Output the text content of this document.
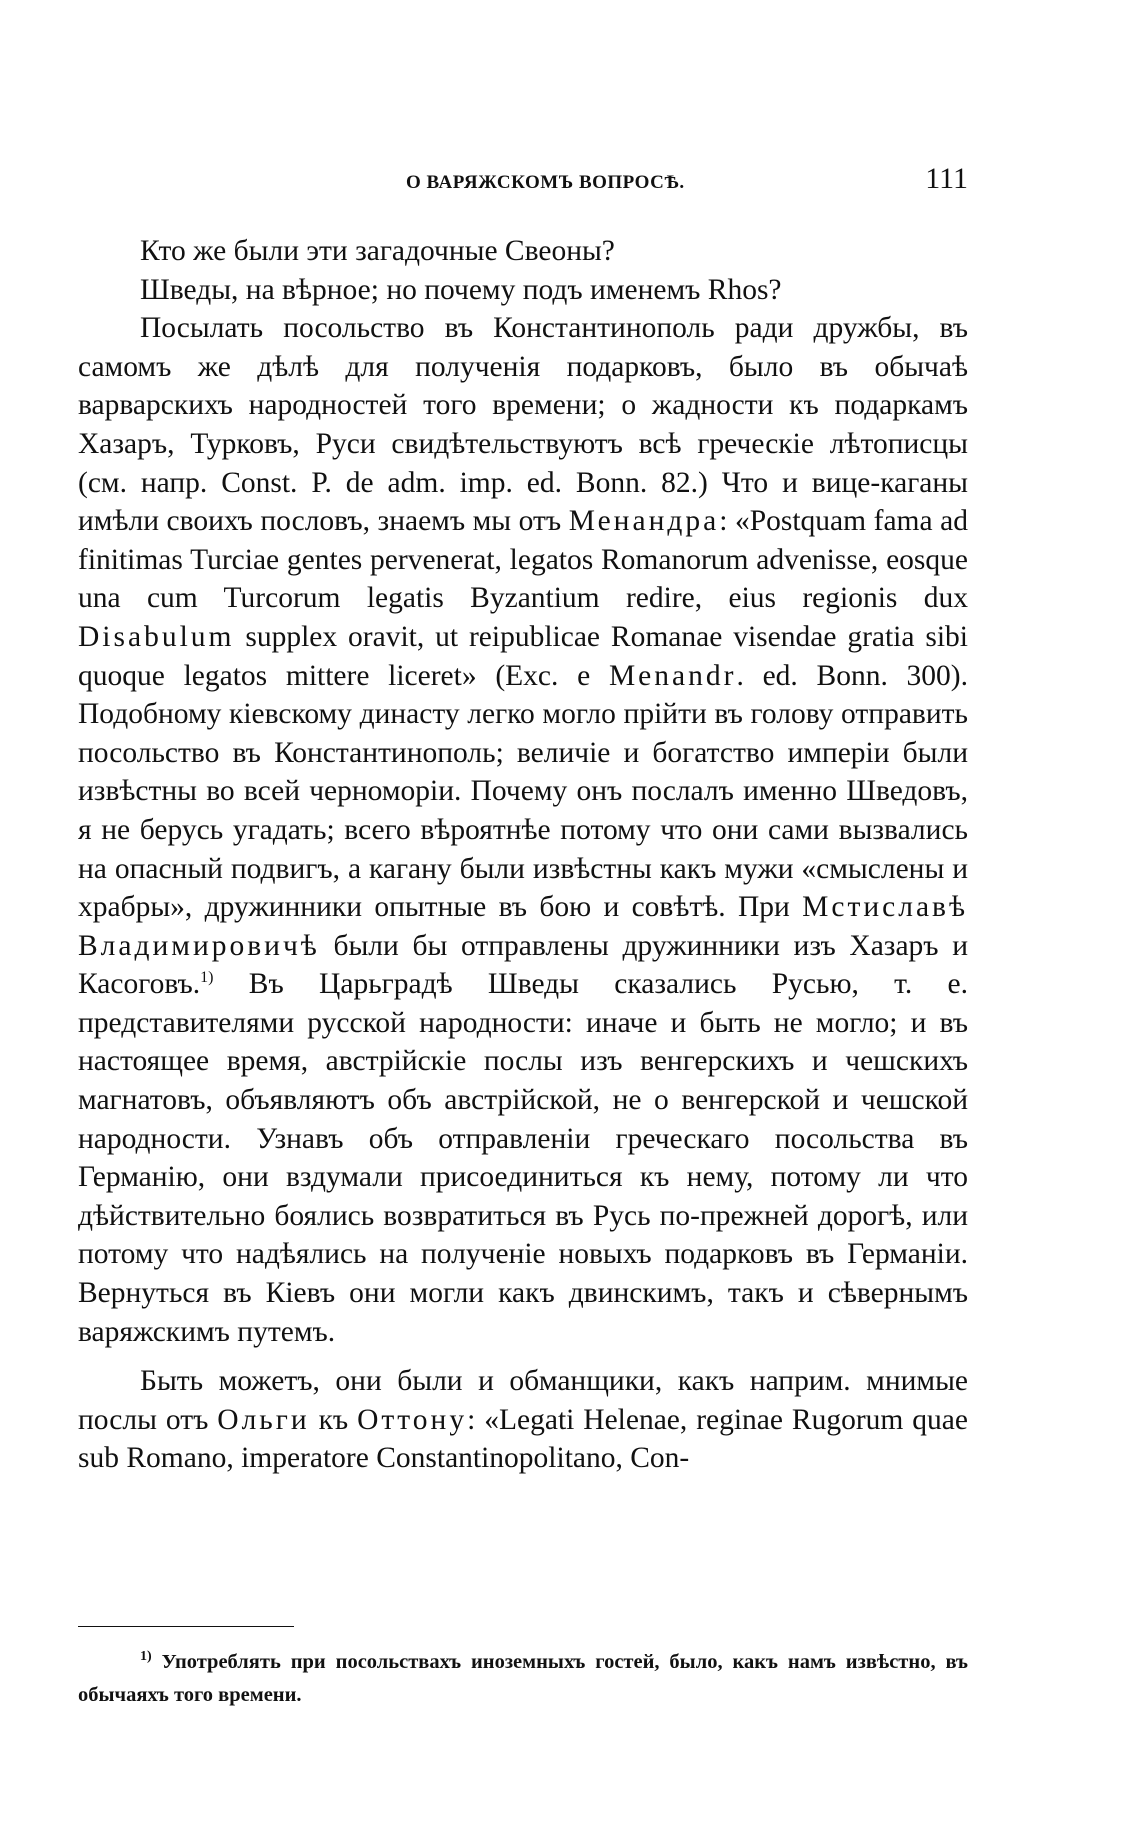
О ВАРЯЖСКОМЪ ВОПРОСѢ.	111

Кто же были эти загадочные Свеоны?

Шведы, на вѣрное; но почему подъ именемъ Rhos?

Посылать посольство въ Константинополь ради дружбы, въ самомъ же дѣлѣ для полученія подарковъ, было въ обычаѣ варварскихъ народностей того времени; о жадности къ подаркамъ Хазаръ, Турковъ, Руси свидѣтельствуютъ всѣ греческіе лѣтописцы (см. напр. Const. P. de adm. imp. ed. Bonn. 82.) Что и вице-каганы имѣли своихъ пословъ, знаемъ мы отъ Менандра: «Postquam fama ad finitimas Turciae gentes pervenerat, legatos Romanorum advenisse, eosque una cum Turcorum legatis Byzantium redire, eius regionis dux Disabulum supplex oravit, ut reipublicae Romanae visendae gratia sibi quoque legatos mittere liceret» (Exc. e Menandr. ed. Bonn. 300). Подобному кіевскому династу легко могло прійти въ голову отправить посольство въ Константинополь; величіе и богатство имперіи были извѣстны во всей черноморіи. Почему онъ послалъ именно Шведовъ, я не берусь угадать; всего вѣроятнѣе потому что они сами вызвались на опасный подвигъ, а кагану были извѣстны какъ мужи «смыслены и храбры», дружинники опытные въ бою и совѣтѣ. При Мстиславѣ Владимировичѣ были бы отправлены дружинники изъ Хазаръ и Касоговъ.$^{1)}$ Въ Царьградѣ Шведы сказались Русью, т. е. представителями русской народности: иначе и быть не могло; и въ настоящее время, австрійскіе послы изъ венгерскихъ и чешскихъ магнатовъ, объявляютъ объ австрійской, не о венгерской и чешской народности. Узнавъ объ отправленіи греческаго посольства въ Германію, они вздумали присоединиться къ нему, потому ли что дѣйствительно боялись возвратиться въ Русь по-прежней дорогѣ, или потому что надѣялись на полученіе новыхъ подарковъ въ Германіи. Вернуться въ Кіевъ они могли какъ двинскимъ, такъ и сѣвернымъ варяжскимъ путемъ.

Быть можетъ, они были и обманщики, какъ наприм. мнимые послы отъ Ольги къ Оттону: «Legati Helenae, reginae Rugorum quae sub Romano, imperatore Constantinopolitano, Con-

$^{1)}$ Употреблять при посольствахъ иноземныхъ гостей, было, какъ намъ извѣстно, въ обычаяхъ того времени.
